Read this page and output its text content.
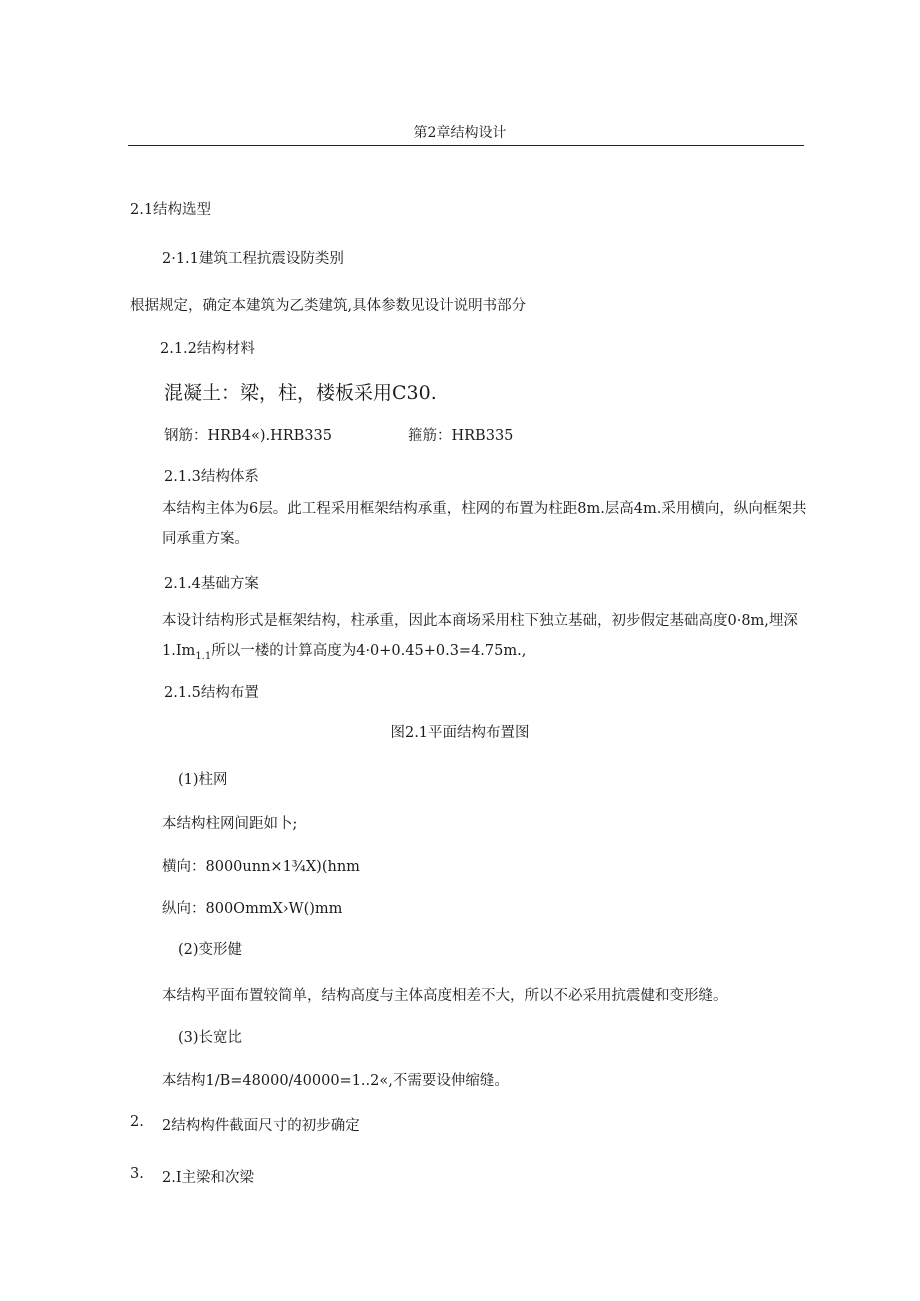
第2章结构设计
2.1结构选型
2·1.1建筑工程抗震设防类别
根据规定，确定本建筑为乙类建筑,具体参数见设计说明书部分
2.1.2结构材料
混凝土：梁，柱，楼板采用C30.
钢筋：HRB4«).HRB335	箍筋：HRB335
2.1.3结构体系
本结构主体为6层。此工程采用框架结构承重，柱网的布置为柱距8m.层高4m.采用横向，纵向框架共同承重方案。
2.1.4基础方案
本设计结构形式是框架结构，柱承重，因此本商场采用柱下独立基础，初步假定基础高度0·8m,埋深$1.Im_{1.1}$所以一楼的计算高度为4·0+0.45+0.3=4.75m.,
2.1.5结构布置
图2.1平面结构布置图
(1)柱网
本结构柱网间距如卜;
横向：8000unn×1¾X)(hnm
纵向：800OmmX›W()mm
(2)变形健
本结构平面布置较简单，结构高度与主体高度相差不大，所以不必采用抗震健和变形缝。
(3)长宽比
本结构1∕B=48000∕40000=1..2«,不需要设伸缩缝。
2. 2结构构件截面尺寸的初步确定
3. 2.I主梁和次梁
